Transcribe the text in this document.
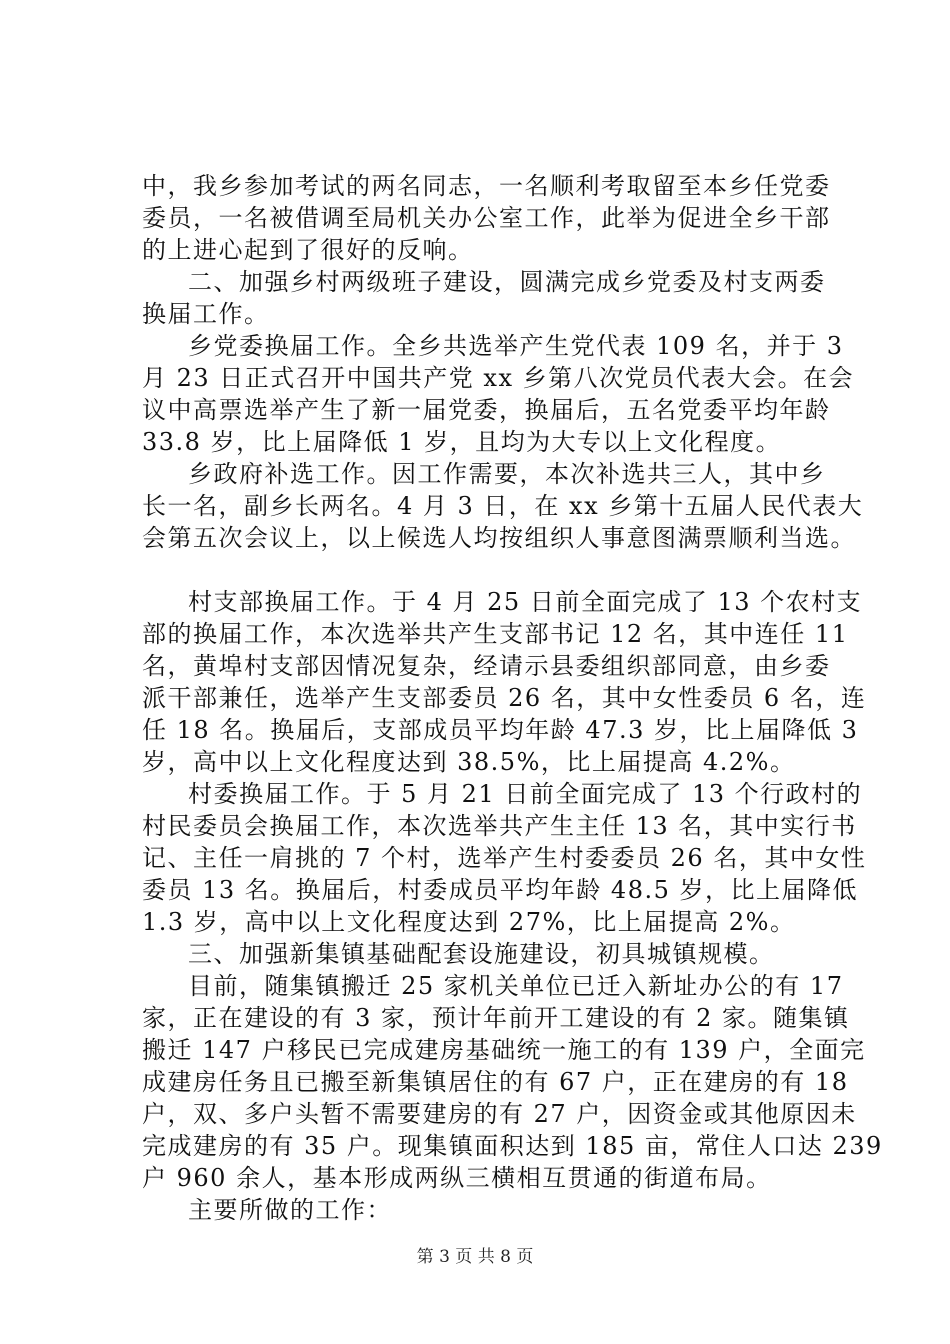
中，我乡参加考试的两名同志，一名顺利考取留至本乡任党委
委员，一名被借调至局机关办公室工作，此举为促进全乡干部
的上进心起到了很好的反响。
二、加强乡村两级班子建设，圆满完成乡党委及村支两委
换届工作。
乡党委换届工作。全乡共选举产生党代表 109 名，并于 3
月 23 日正式召开中国共产党 xx 乡第八次党员代表大会。在会
议中高票选举产生了新一届党委，换届后，五名党委平均年龄
33.8 岁，比上届降低 1 岁，且均为大专以上文化程度。
乡政府补选工作。因工作需要，本次补选共三人，其中乡
长一名，副乡长两名。4 月 3 日，在 xx 乡第十五届人民代表大
会第五次会议上，以上候选人均按组织人事意图满票顺利当选。
村支部换届工作。于 4 月 25 日前全面完成了 13 个农村支
部的换届工作，本次选举共产生支部书记 12 名，其中连任 11
名，黄埠村支部因情况复杂，经请示县委组织部同意，由乡委
派干部兼任，选举产生支部委员 26 名，其中女性委员 6 名，连
任 18 名。换届后，支部成员平均年龄 47.3 岁，比上届降低 3
岁，高中以上文化程度达到 38.5%，比上届提高 4.2%。
村委换届工作。于 5 月 21 日前全面完成了 13 个行政村的
村民委员会换届工作，本次选举共产生主任 13 名，其中实行书
记、主任一肩挑的 7 个村，选举产生村委委员 26 名，其中女性
委员 13 名。换届后，村委成员平均年龄 48.5 岁，比上届降低
1.3 岁，高中以上文化程度达到 27%，比上届提高 2%。
三、加强新集镇基础配套设施建设，初具城镇规模。
目前，随集镇搬迁 25 家机关单位已迁入新址办公的有 17
家，正在建设的有 3 家，预计年前开工建设的有 2 家。随集镇
搬迁 147 户移民已完成建房基础统一施工的有 139 户，全面完
成建房任务且已搬至新集镇居住的有 67 户，正在建房的有 18
户，双、多户头暂不需要建房的有 27 户，因资金或其他原因未
完成建房的有 35 户。现集镇面积达到 185 亩，常住人口达 239
户 960 余人，基本形成两纵三横相互贯通的街道布局。
主要所做的工作：
第 3 页 共 8 页
